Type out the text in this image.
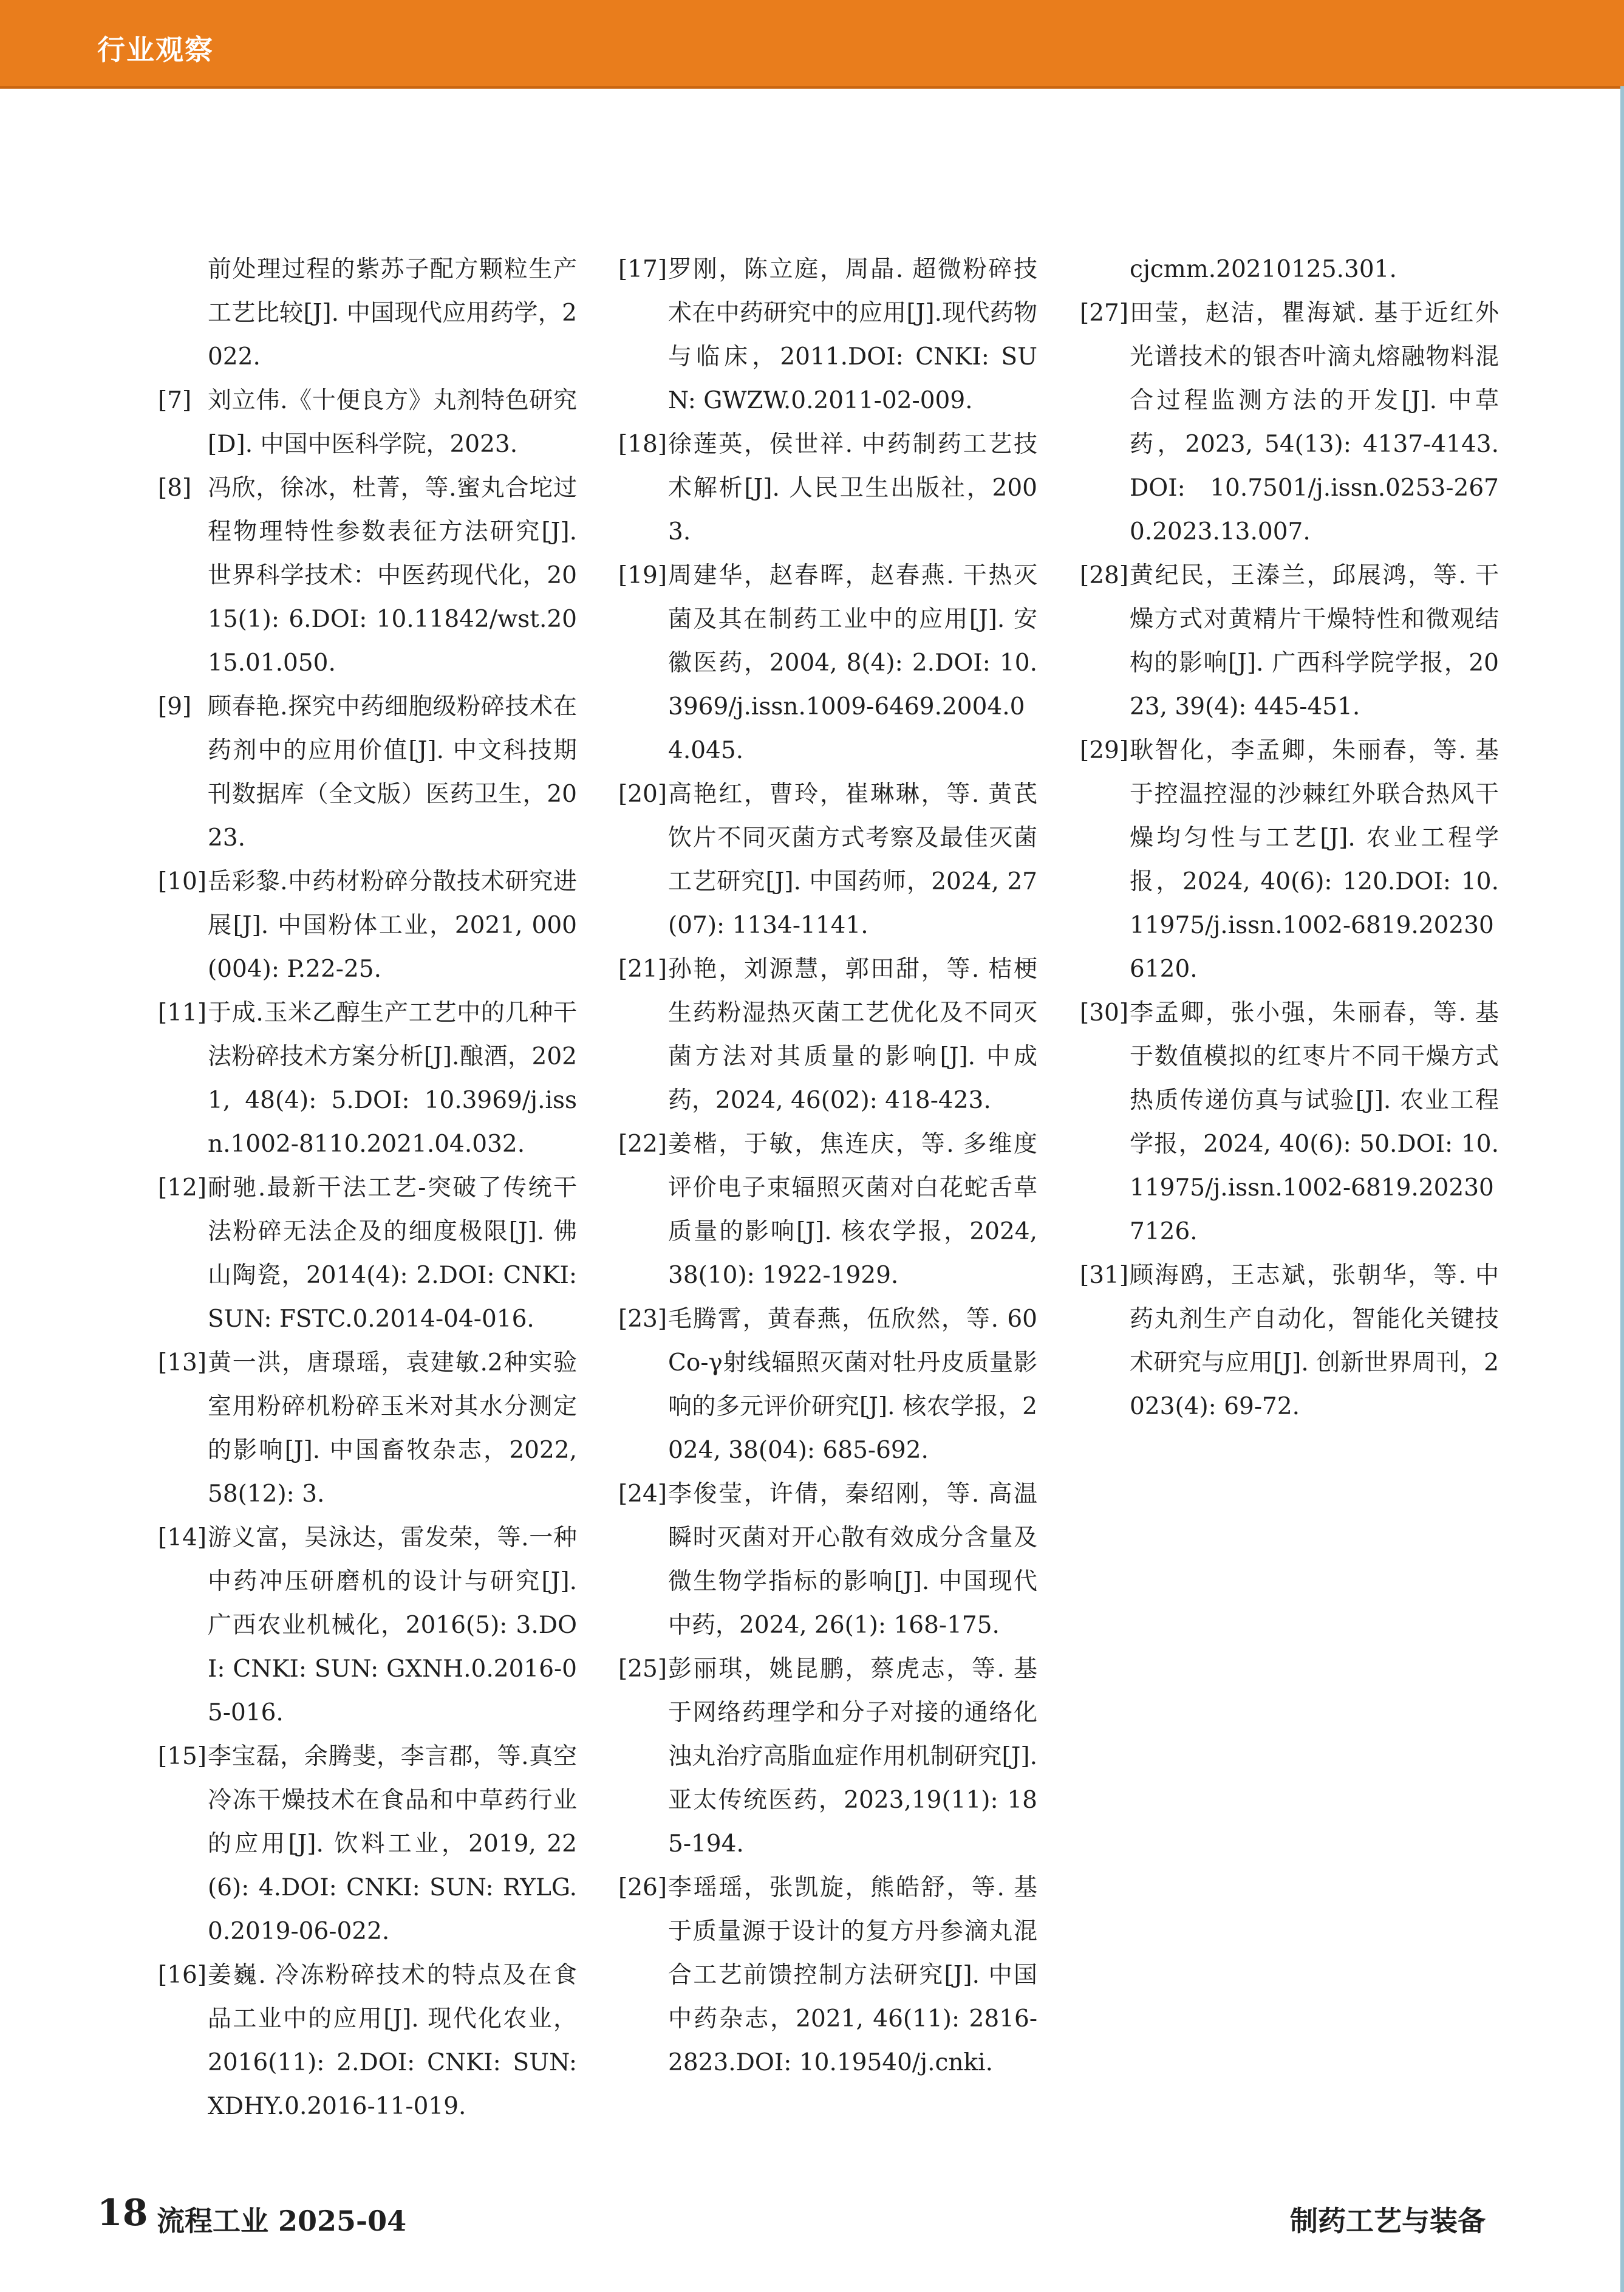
行业观察

前处理过程的紫苏子配方颗粒生产工艺比较[J]. 中国现代应用药学，2022.

[7] 刘立伟.《十便良方》丸剂特色研究[D]. 中国中医科学院，2023.

[8] 冯欣，徐冰，杜菁，等.蜜丸合坨过程物理特性参数表征方法研究[J]. 世界科学技术：中医药现代化，2015(1): 6.DOI: 10.11842/wst.2015.01.050.

[9] 顾春艳.探究中药细胞级粉碎技术在药剂中的应用价值[J]. 中文科技期刊数据库（全文版）医药卫生，2023.

[10] 岳彩黎.中药材粉碎分散技术研究进展[J]. 中国粉体工业，2021, 000(004): P.22-25.

[11] 于成.玉米乙醇生产工艺中的几种干法粉碎技术方案分析[J].酿酒，2021, 48(4): 5.DOI: 10.3969/j.issn.1002-8110.2021.04.032.

[12] 耐驰.最新干法工艺-突破了传统干法粉碎无法企及的细度极限[J]. 佛山陶瓷，2014(4): 2.DOI: CNKI: SUN: FSTC.0.2014-04-016.

[13] 黄一洪，唐璟瑶，袁建敏.2种实验室用粉碎机粉碎玉米对其水分测定的影响[J]. 中国畜牧杂志，2022, 58(12): 3.

[14] 游义富，吴泳达，雷发荣，等.一种中药冲压研磨机的设计与研究[J]. 广西农业机械化，2016(5): 3.DOI: CNKI: SUN: GXNH.0.2016-05-016.

[15] 李宝磊，余腾斐，李言郡，等.真空冷冻干燥技术在食品和中草药行业的应用[J]. 饮料工业，2019, 22(6): 4.DOI: CNKI: SUN: RYLG.0.2019-06-022.

[16] 姜巍. 冷冻粉碎技术的特点及在食品工业中的应用[J]. 现代化农业， 2016(11): 2.DOI: CNKI: SUN: XDHY.0.2016-11-019.

[17] 罗刚，陈立庭，周晶. 超微粉碎技术在中药研究中的应用[J].现代药物与临床，2011.DOI: CNKI: SUN: GWZW.0.2011-02-009.

[18] 徐莲英，侯世祥. 中药制药工艺技术解析[J]. 人民卫生出版社，2003.

[19] 周建华，赵春晖，赵春燕. 干热灭菌及其在制药工业中的应用[J]. 安徽医药，2004, 8(4): 2.DOI: 10.3969/j.issn.1009-6469.2004.04.045.

[20] 高艳红，曹玲，崔琳琳，等. 黄芪饮片不同灭菌方式考察及最佳灭菌工艺研究[J]. 中国药师，2024, 27(07): 1134-1141.

[21] 孙艳，刘源慧，郭田甜，等. 桔梗生药粉湿热灭菌工艺优化及不同灭菌方法对其质量的影响[J]. 中成药，2024, 46(02): 418-423.

[22] 姜楷，于敏，焦连庆，等. 多维度评价电子束辐照灭菌对白花蛇舌草质量的影响[J]. 核农学报，2024, 38(10): 1922-1929.

[23] 毛腾霄，黄春燕，伍欣然，等. 60Co-γ射线辐照灭菌对牡丹皮质量影响的多元评价研究[J]. 核农学报，2024, 38(04): 685-692.

[24] 李俊莹，许倩，秦绍刚，等. 高温瞬时灭菌对开心散有效成分含量及微生物学指标的影响[J]. 中国现代中药，2024, 26(1): 168-175.

[25] 彭丽琪，姚昆鹏，蔡虎志，等. 基于网络药理学和分子对接的通络化浊丸治疗高脂血症作用机制研究[J]. 亚太传统医药，2023,19(11): 185-194.

[26] 李瑶瑶，张凯旋，熊皓舒，等. 基于质量源于设计的复方丹参滴丸混合工艺前馈控制方法研究[J]. 中国中药杂志，2021, 46(11): 2816-2823.DOI: 10.19540/j.cnki.

cjcmm.20210125.301.

[27] 田莹，赵洁，瞿海斌. 基于近红外光谱技术的银杏叶滴丸熔融物料混合过程监测方法的开发[J]. 中草药，2023, 54(13): 4137-4143.DOI: 10.7501/j.issn.0253-2670.2023.13.007.

[28] 黄纪民，王溱兰，邱展鸿，等. 干燥方式对黄精片干燥特性和微观结构的影响[J]. 广西科学院学报，2023, 39(4): 445-451.

[29] 耿智化，李孟卿，朱丽春，等. 基于控温控湿的沙棘红外联合热风干燥均匀性与工艺[J]. 农业工程学报，2024, 40(6): 120.DOI: 10.11975/j.issn.1002-6819.202306120.

[30] 李孟卿，张小强，朱丽春，等. 基于数值模拟的红枣片不同干燥方式热质传递仿真与试验[J]. 农业工程学报，2024, 40(6): 50.DOI: 10.11975/j.issn.1002-6819.202307126.

[31] 顾海鸥，王志斌，张朝华，等. 中药丸剂生产自动化，智能化关键技术研究与应用[J]. 创新世界周刊，2023(4): 69-72.

18 流程工业 2025-04	制药工艺与装备
